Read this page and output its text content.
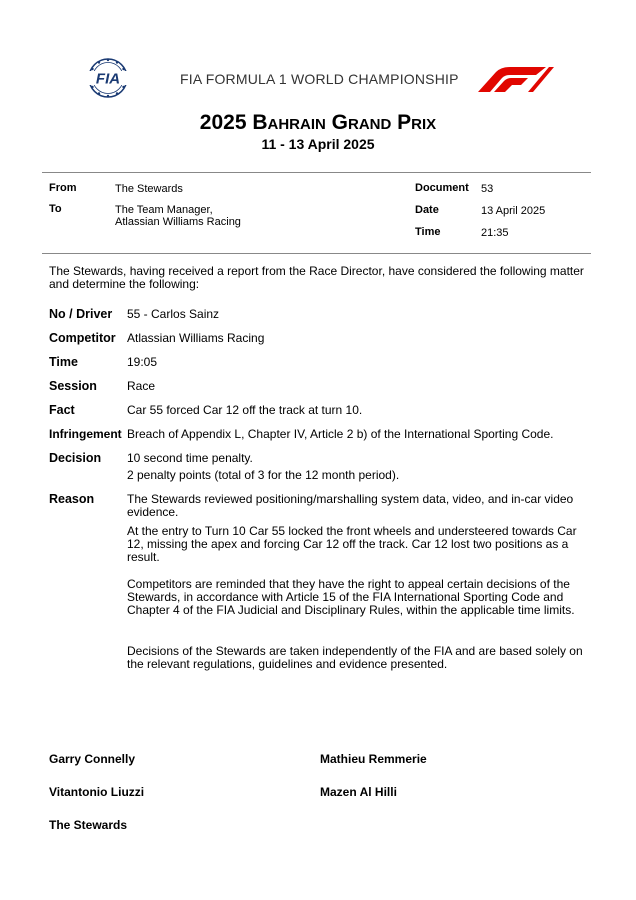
FIA	FIA FORMULA 1 WORLD CHAMPIONSHIP
2025 Bahrain Grand Prix
11 - 13 April 2025
From	The Stewards
To	The Team Manager,
Atlassian Williams Racing
Document 53
Date	13 April 2025
Time	21:35
The Stewards, having received a report from the Race Director, have considered the following matter and determine the following:
No / Driver 55 - Carlos Sainz
Competitor Atlassian Williams Racing
Time	19:05
Session	Race
Fact	Car 55 forced Car 12 off the track at turn 10.
Infringement Breach of Appendix L, Chapter IV, Article 2 b) of the International Sporting Code.
Decision 10 second time penalty.
2 penalty points (total of 3 for the 12 month period).
Reason	The Stewards reviewed positioning/marshalling system data, video, and in-car video evidence.
At the entry to Turn 10 Car 55 locked the front wheels and understeered towards Car 12, missing the apex and forcing Car 12 off the track. Car 12 lost two positions as a result.
Competitors are reminded that they have the right to appeal certain decisions of the Stewards, in accordance with Article 15 of the FIA International Sporting Code and Chapter 4 of the FIA Judicial and Disciplinary Rules, within the applicable time limits.
Decisions of the Stewards are taken independently of the FIA and are based solely on the relevant regulations, guidelines and evidence presented.
Garry Connelly	Mathieu Remmerie
Vitantonio Liuzzi	Mazen Al Hilli
The Stewards
